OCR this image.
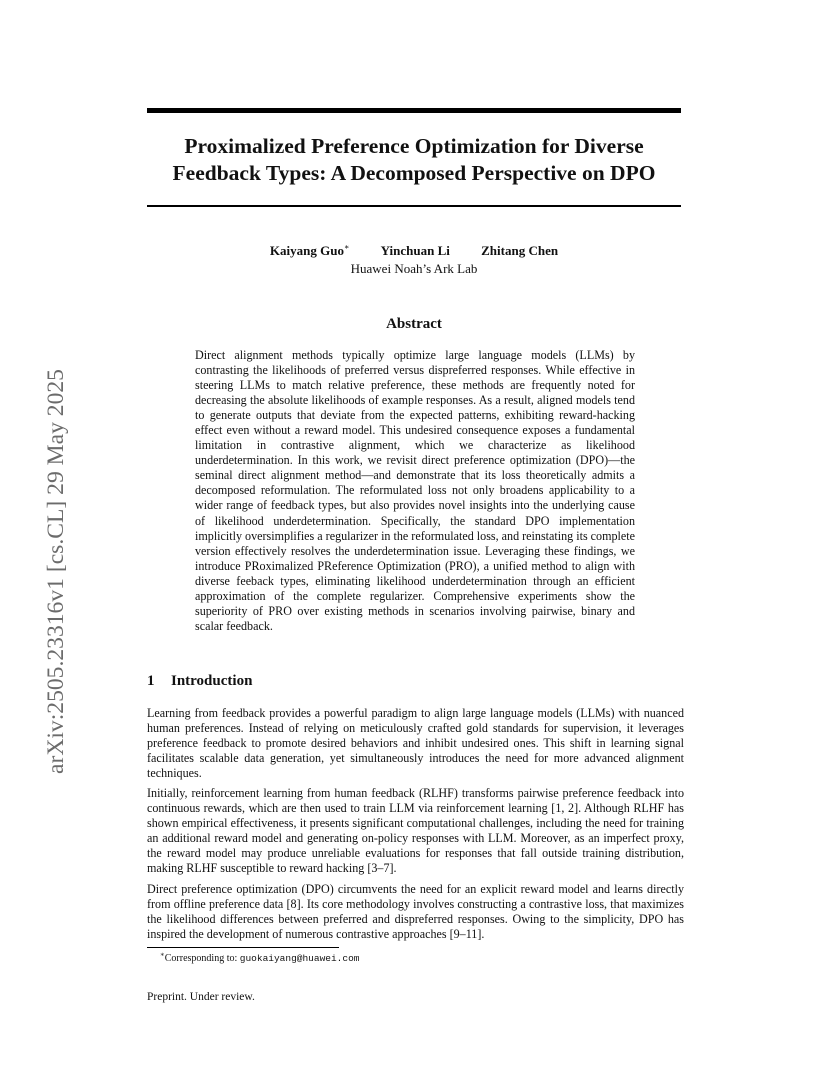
arXiv:2505.23316v1 [cs.CL] 29 May 2025
Proximalized Preference Optimization for Diverse
Feedback Types: A Decomposed Perspective on DPO
Kaiyang Guo∗ Yinchuan Li Zhitang Chen
Huawei Noah’s Ark Lab
Abstract

Direct alignment methods typically optimize large language models (LLMs) by contrasting the likelihoods of preferred versus dispreferred responses. While effective in steering LLMs to match relative preference, these methods are frequently noted for decreasing the absolute likelihoods of example responses. As a result, aligned models tend to generate outputs that deviate from the expected patterns, exhibiting reward-hacking effect even without a reward model. This undesired consequence exposes a fundamental limitation in contrastive alignment, which we characterize as likelihood underdetermination. In this work, we revisit direct preference optimization (DPO)—the seminal direct alignment method—and demonstrate that its loss theoretically admits a decomposed reformulation. The reformulated loss not only broadens applicability to a wider range of feedback types, but also provides novel insights into the underlying cause of likelihood underdetermination. Specifically, the standard DPO implementation implicitly oversimplifies a regularizer in the reformulated loss, and reinstating its complete version effectively resolves the underdetermination issue. Leveraging these findings, we introduce PRoximalized PReference Optimization (PRO), a unified method to align with diverse feeback types, eliminating likelihood underdetermination through an efficient approximation of the complete regularizer. Comprehensive experiments show the superiority of PRO over existing methods in scenarios involving pairwise, binary and scalar feedback.

1 Introduction

Learning from feedback provides a powerful paradigm to align large language models (LLMs) with nuanced human preferences. Instead of relying on meticulously crafted gold standards for supervision, it leverages preference feedback to promote desired behaviors and inhibit undesired ones. This shift in learning signal facilitates scalable data generation, yet simultaneously introduces the need for more advanced alignment techniques.

Initially, reinforcement learning from human feedback (RLHF) transforms pairwise preference feedback into continuous rewards, which are then used to train LLM via reinforcement learning [1, 2]. Although RLHF has shown empirical effectiveness, it presents significant computational challenges, including the need for training an additional reward model and generating on-policy responses with LLM. Moreover, as an imperfect proxy, the reward model may produce unreliable evaluations for responses that fall outside training distribution, making RLHF susceptible to reward hacking [3–7].

Direct preference optimization (DPO) circumvents the need for an explicit reward model and learns directly from offline preference data [8]. Its core methodology involves constructing a contrastive loss, that maximizes the likelihood differences between preferred and dispreferred responses. Owing to the simplicity, DPO has inspired the development of numerous contrastive approaches [9–11].

∗Corresponding to: guokaiyang@huawei.com
Preprint. Under review.
